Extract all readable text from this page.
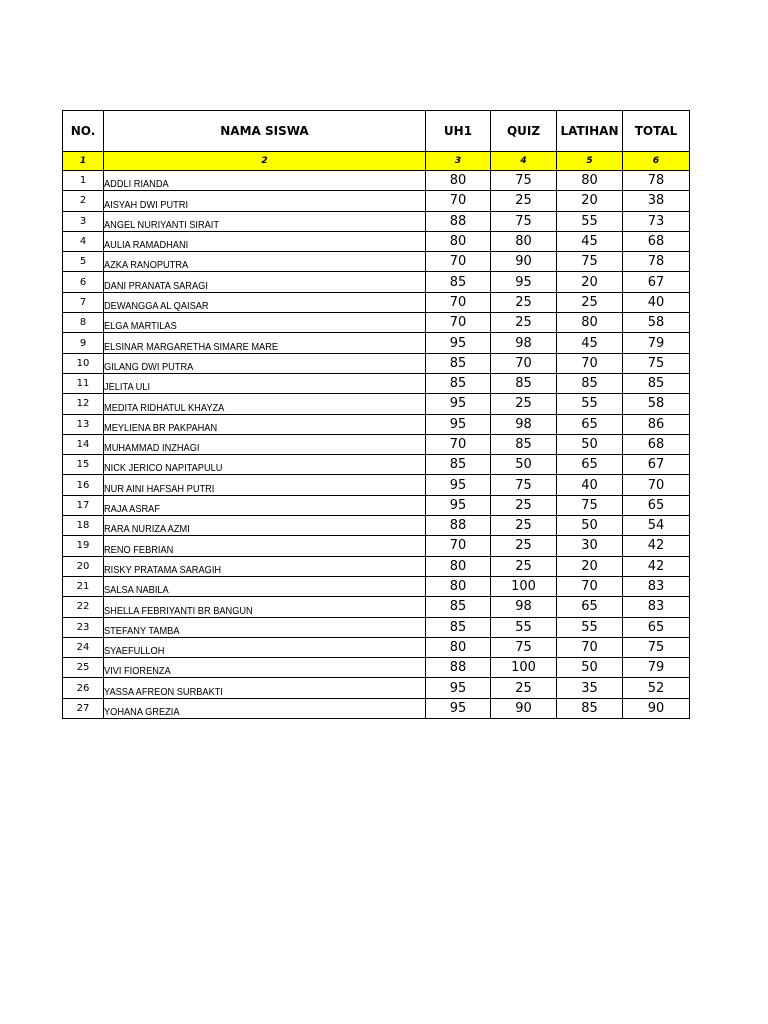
NO.	NAMA SISWA	UH1	QUIZ	LATIHAN	TOTAL
1	2	3	4	5	6
1	ADDLI RIANDA	80	75	80	78
2	AISYAH DWI PUTRI	70	25	20	38
3	ANGEL NURIYANTI SIRAIT	88	75	55	73
4	AULIA RAMADHANI	80	80	45	68
5	AZKA RANOPUTRA	70	90	75	78
6	DANI PRANATA SARAGI	85	95	20	67
7	DEWANGGA AL QAISAR	70	25	25	40
8	ELGA MARTILAS	70	25	80	58
9	ELSINAR MARGARETHA SIMARE MARE	95	98	45	79
10	GILANG DWI PUTRA	85	70	70	75
11	JELITA ULI	85	85	85	85
12	MEDITA RIDHATUL KHAYZA	95	25	55	58
13	MEYLIENA BR PAKPAHAN	95	98	65	86
14	MUHAMMAD INZHAGI	70	85	50	68
15	NICK JERICO NAPITAPULU	85	50	65	67
16	NUR AINI HAFSAH PUTRI	95	75	40	70
17	RAJA ASRAF	95	25	75	65
18	RARA NURIZA AZMI	88	25	50	54
19	RENO FEBRIAN	70	25	30	42
20	RISKY PRATAMA SARAGIH	80	25	20	42
21	SALSA NABILA	80	100	70	83
22	SHELLA FEBRIYANTI BR BANGUN	85	98	65	83
23	STEFANY TAMBA	85	55	55	65
24	SYAEFULLOH	80	75	70	75
25	VIVI FIORENZA	88	100	50	79
26	YASSA AFREON SURBAKTI	95	25	35	52
27	YOHANA GREZIA	95	90	85	90
